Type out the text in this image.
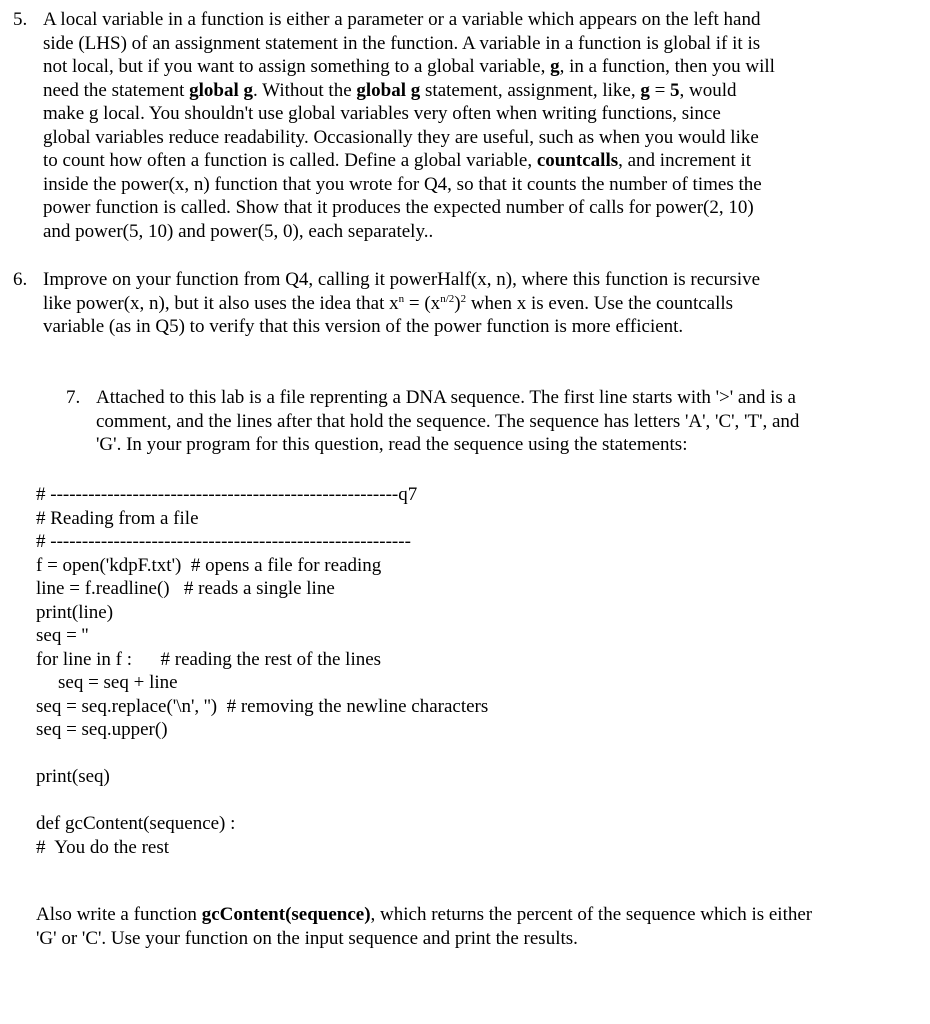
5. A local variable in a function is either a parameter or a variable which appears on the left hand
side (LHS) of an assignment statement in the function. A variable in a function is global if it is
not local, but if you want to assign something to a global variable, g, in a function, then you will
need the statement global g. Without the global g statement, assignment, like, g = 5, would
make g local. You shouldn't use global variables very often when writing functions, since
global variables reduce readability. Occasionally they are useful, such as when you would like
to count how often a function is called. Define a global variable, countcalls, and increment it
inside the power(x, n) function that you wrote for Q4, so that it counts the number of times the
power function is called. Show that it produces the expected number of calls for power(2, 10)
and power(5, 10) and power(5, 0), each separately..
6. Improve on your function from Q4, calling it powerHalf(x, n), where this function is recursive
like power(x, n), but it also uses the idea that $x^n = (x^{n/2})^2$ when x is even. Use the countcalls
variable (as in Q5) to verify that this version of the power function is more efficient.
7. Attached to this lab is a file reprenting a DNA sequence. The first line starts with '>' and is a
comment, and the lines after that hold the sequence. The sequence has letters 'A', 'C', 'T', and
'G'. In your program for this question, read the sequence using the statements:
# -------------------------------------------------------q7
# Reading from a file
# ---------------------------------------------------------
f = open('kdpF.txt')  # opens a file for reading
line = f.readline()   # reads a single line
print(line)
seq = ''
for line in f :      # reading the rest of the lines
seq = seq + line
seq = seq.replace('\n', '')  # removing the newline characters
seq = seq.upper()
print(seq)
def gcContent(sequence) :
#  You do the rest
Also write a function gcContent(sequence), which returns the percent of the sequence which is either
'G' or 'C'. Use your function on the input sequence and print the results.
